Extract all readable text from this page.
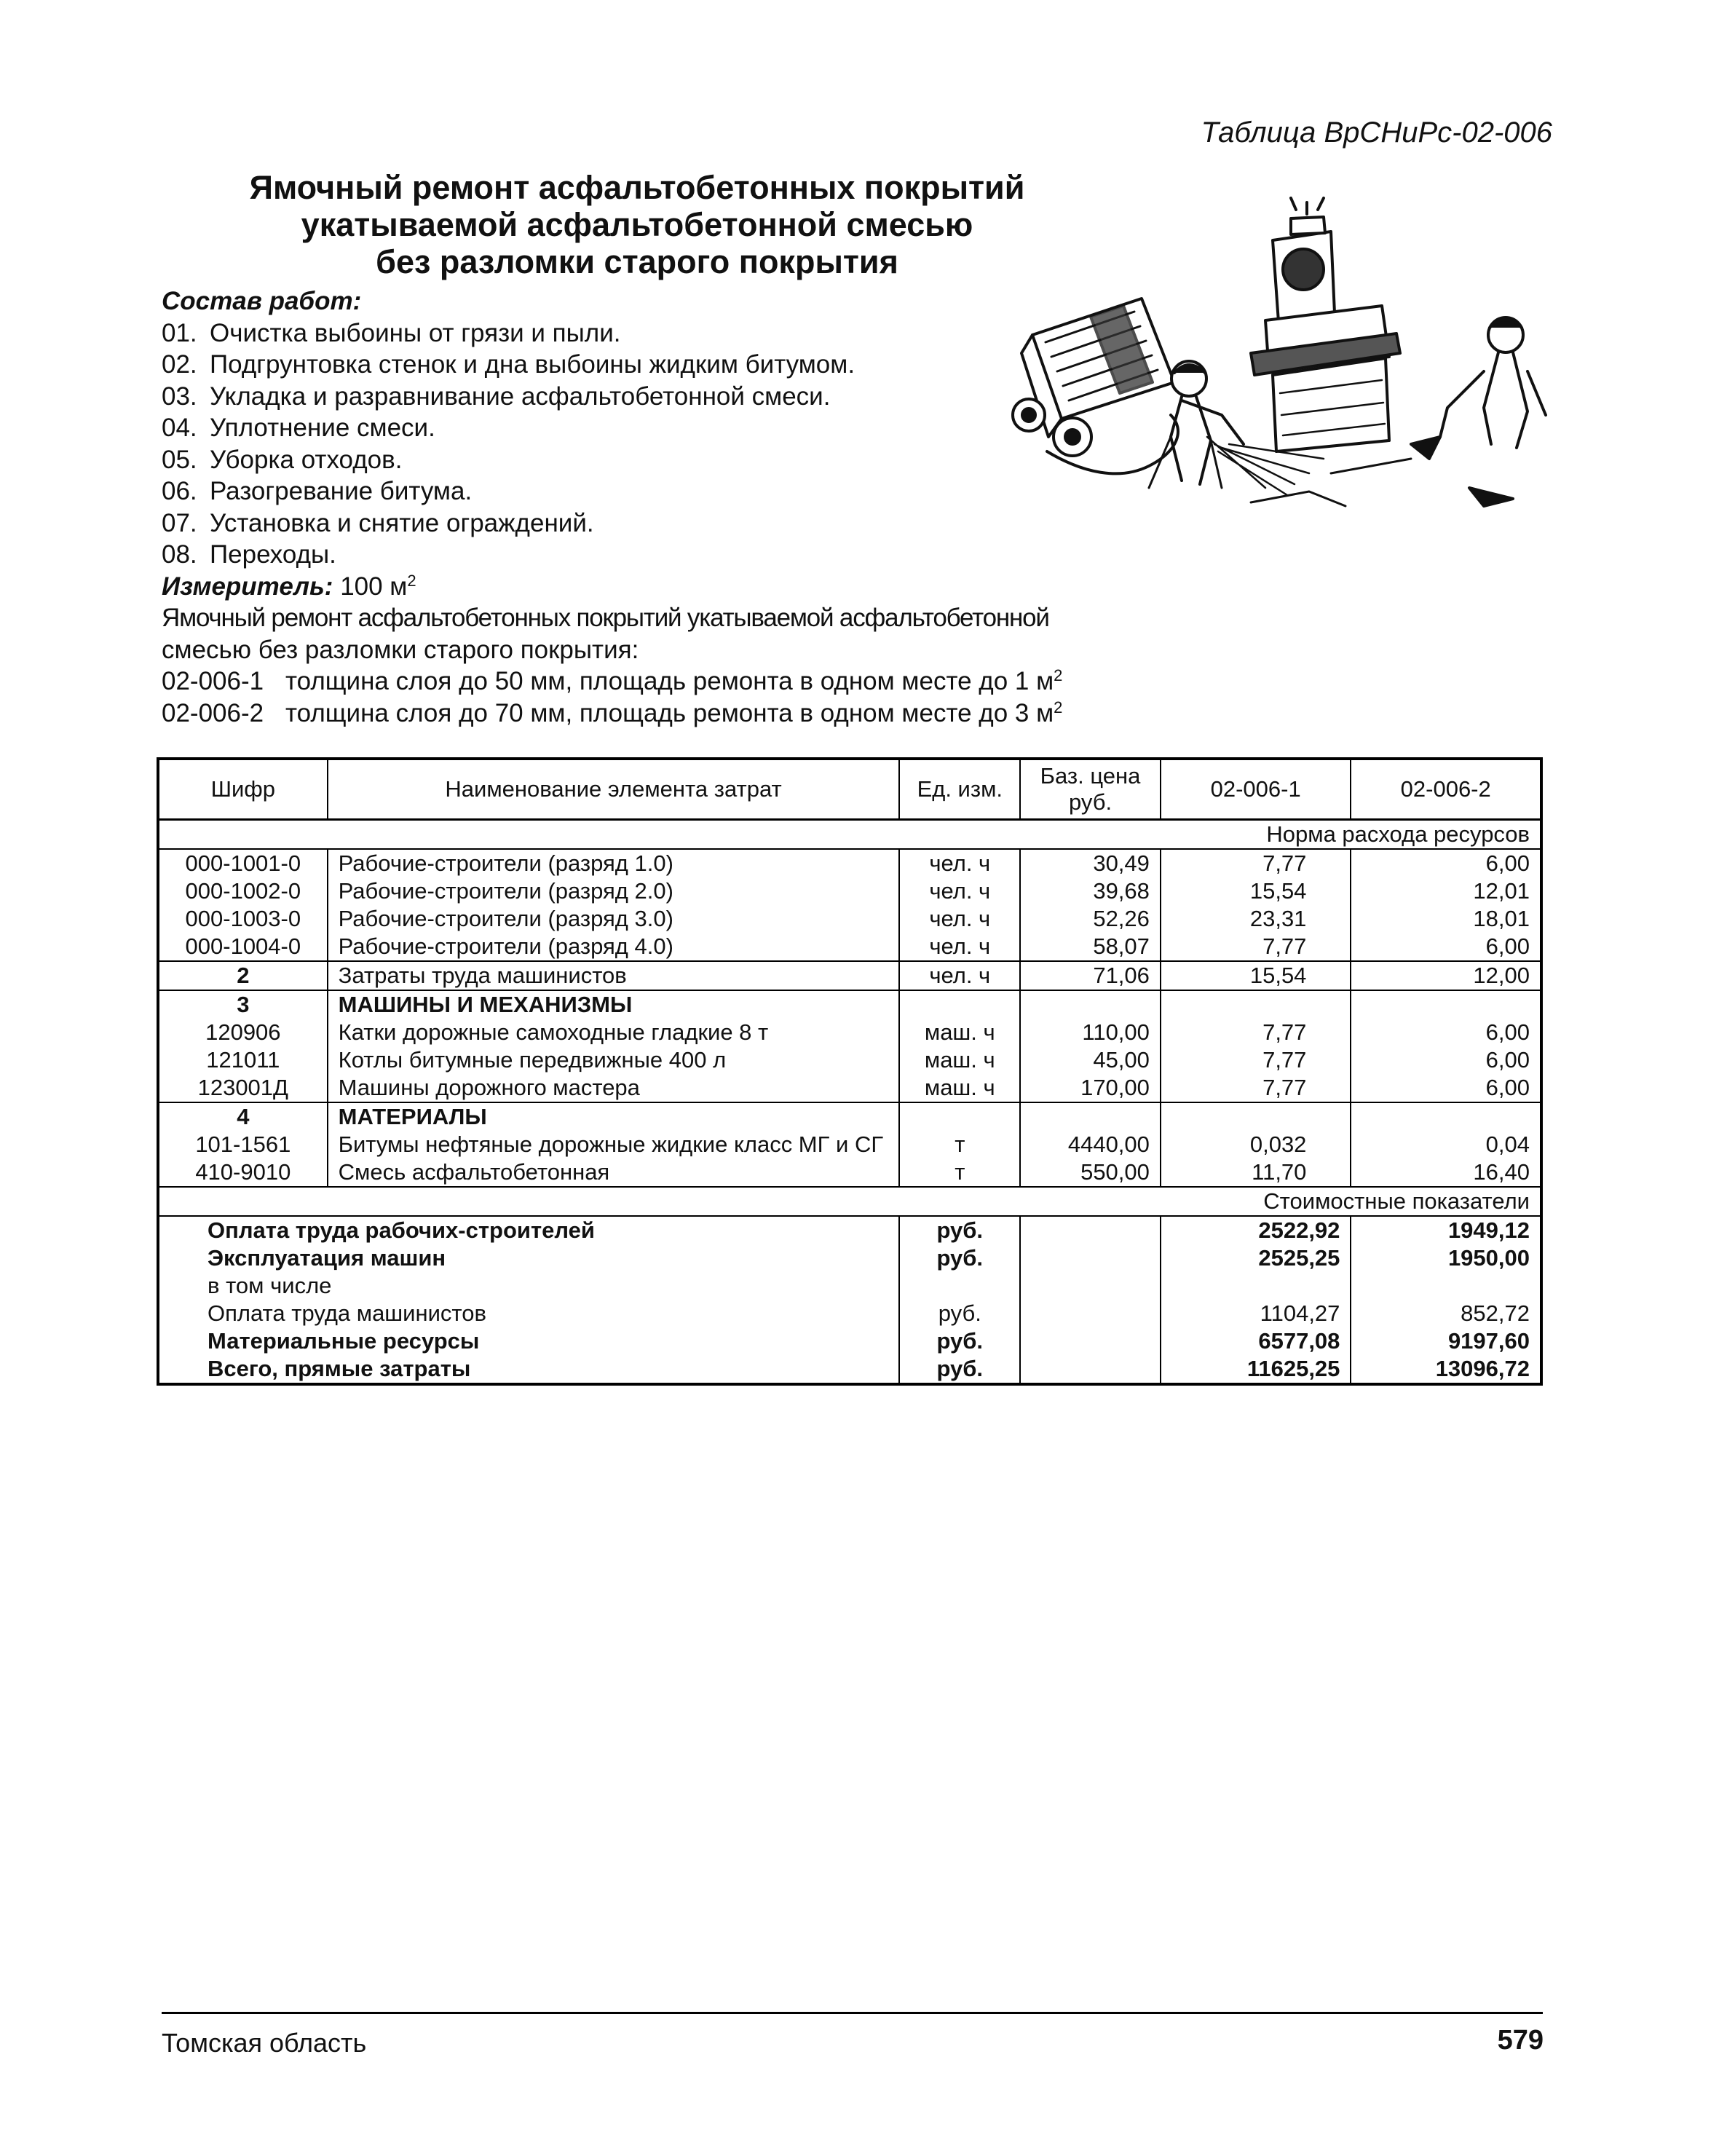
Таблица ВрСНиРс-02-006
Ямочный ремонт асфальтобетонных покрытий
укатываемой асфальтобетонной смесью
без разломки старого покрытия
Состав работ:
01. Очистка выбоины от грязи и пыли.
02. Подгрунтовка стенок и дна выбоины жидким битумом.
03. Укладка и разравнивание асфальтобетонной смеси.
04. Уплотнение смеси.
05. Уборка отходов.
06. Разогревание битума.
07. Установка и снятие ограждений.
08. Переходы.
Измеритель: 100 $м^2$
Ямочный ремонт асфальтобетонных покрытий укатываемой асфальтобетонной
смесью без разломки старого покрытия:
02-006-1 толщина слоя до 50 мм, площадь ремонта в одном месте до 1 $м^2$
02-006-2 толщина слоя до 70 мм, площадь ремонта в одном месте до 3 $м^2$
Шифр	Наименование элемента затрат	Ед. изм.	Баз. цена руб.	02-006-1	02-006-2
Норма расхода ресурсов					
000-1001-0	Рабочие-строители (разряд 1.0)	чел. ч	30,49	7,77	6,00
000-1002-0	Рабочие-строители (разряд 2.0)	чел. ч	39,68	15,54	12,01
000-1003-0	Рабочие-строители (разряд 3.0)	чел. ч	52,26	23,31	18,01
000-1004-0	Рабочие-строители (разряд 4.0)	чел. ч	58,07	7,77	6,00
2	Затраты труда машинистов	чел. ч	71,06	15,54	12,00
3	МАШИНЫ И МЕХАНИЗМЫ				
120906	Катки дорожные самоходные гладкие 8 т	маш. ч	110,00	7,77	6,00
121011	Котлы битумные передвижные 400 л	маш. ч	45,00	7,77	6,00
123001Д	Машины дорожного мастера	маш. ч	170,00	7,77	6,00
4	МАТЕРИАЛЫ				
101-1561	Битумы нефтяные дорожные жидкие класс МГ и СГ	т	4440,00	0,032	0,04
410-9010	Смесь асфальтобетонная	т	550,00	11,70	16,40
Стоимостные показатели					
Оплата труда рабочих-строителей		руб.		2522,92	1949,12
Эксплуатация машин		руб.		2525,25	1950,00
в том числе					
Оплата труда машинистов		руб.		1104,27	852,72
Материальные ресурсы		руб.		6577,08	9197,60
Всего, прямые затраты		руб.		11625,25	13096,72
Томская область	579
